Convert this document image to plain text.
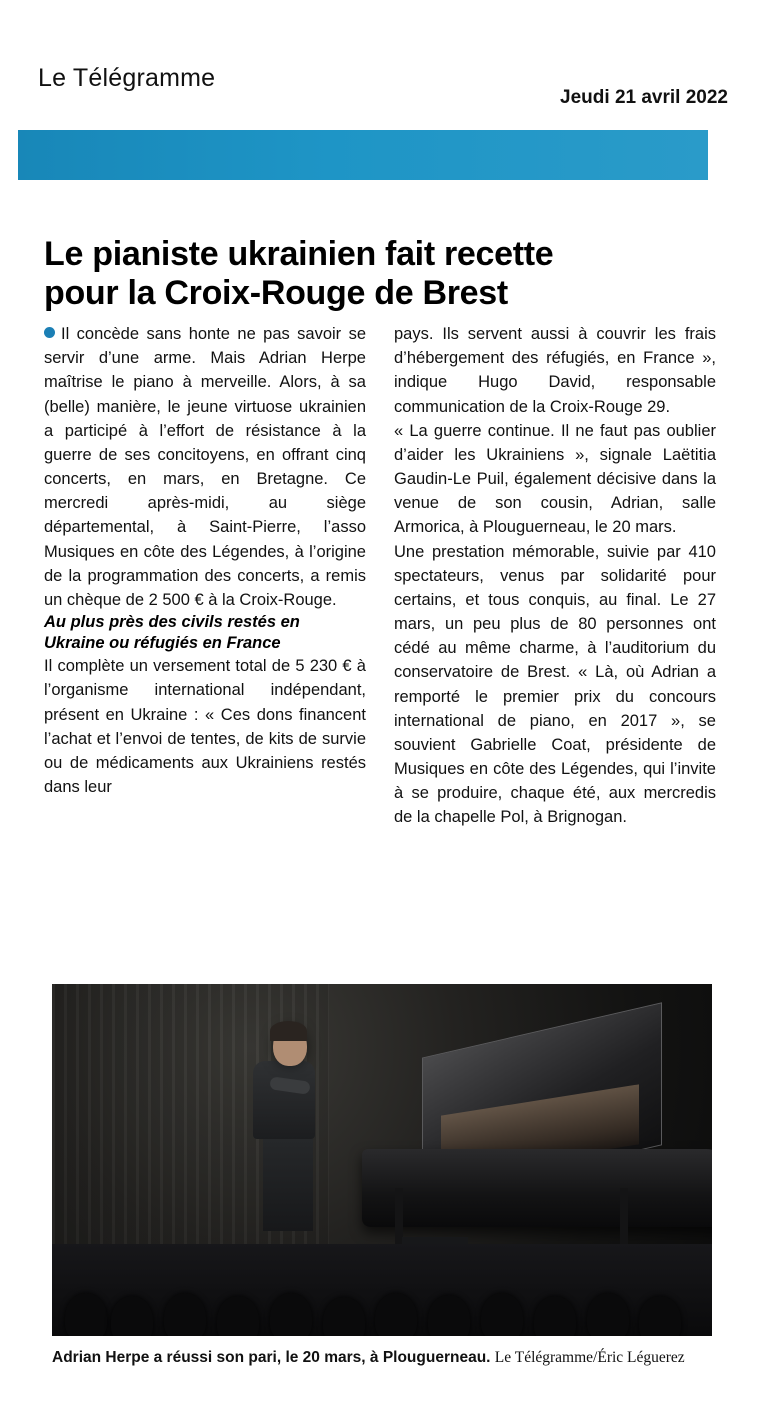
Le Télégramme
Jeudi 21 avril 2022
Le pianiste ukrainien fait recette
pour la Croix-Rouge de Brest

Il concède sans honte ne pas savoir se servir d’une arme. Mais Adrian Herpe maîtrise le piano à merveille. Alors, à sa (belle) manière, le jeune virtuose ukrainien a participé à l’effort de résistance à la guerre de ses concitoyens, en offrant cinq concerts, en mars, en Bretagne. Ce mercredi après-midi, au siège départemental, à Saint-Pierre, l’asso Musiques en côte des Légendes, à l’origine de la programmation des concerts, a remis un chèque de 2 500 € à la Croix-Rouge.

Au plus près des civils restés en
Ukraine ou réfugiés en France

Il complète un versement total de 5 230 € à l’organisme international indépendant, présent en Ukraine : « Ces dons financent l’achat et l’envoi de tentes, de kits de survie ou de médicaments aux Ukrainiens restés dans leur

pays. Ils servent aussi à couvrir les frais d’hébergement des réfugiés, en France », indique Hugo David, responsable communication de la Croix-Rouge 29.

« La guerre continue. Il ne faut pas oublier d’aider les Ukrainiens », signale Laëtitia Gaudin-Le Puil, également décisive dans la venue de son cousin, Adrian, salle Armorica, à Plouguerneau, le 20 mars.

Une prestation mémorable, suivie par 410 spectateurs, venus par solidarité pour certains, et tous conquis, au final. Le 27 mars, un peu plus de 80 personnes ont cédé au même charme, à l’auditorium du conservatoire de Brest. « Là, où Adrian a remporté le premier prix du concours international de piano, en 2017 », se souvient Gabrielle Coat, présidente de Musiques en côte des Légendes, qui l’invite à se produire, chaque été, aux mercredis de la chapelle Pol, à Brignogan.

Adrian Herpe a réussi son pari, le 20 mars, à Plouguerneau. Le Télégramme/Éric Léguerez
